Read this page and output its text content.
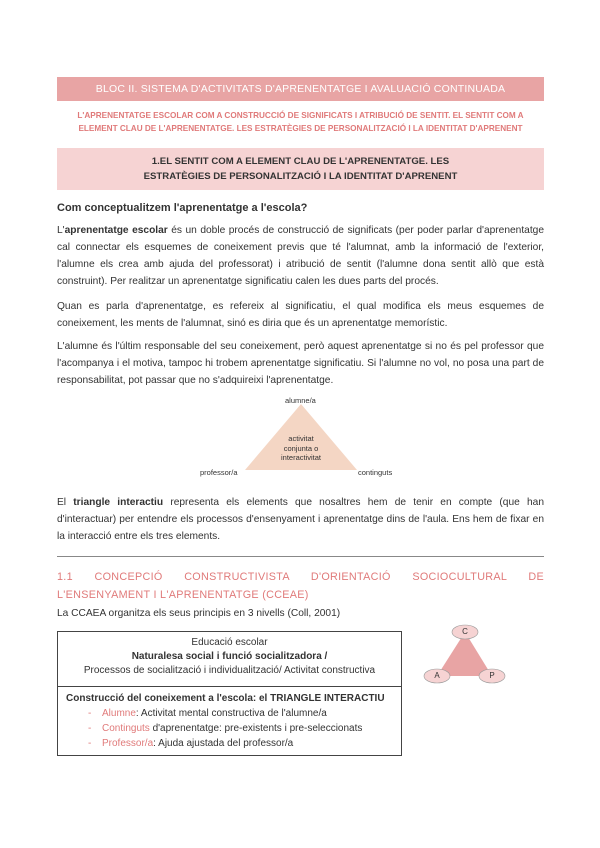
BLOC II. SISTEMA D'ACTIVITATS D'APRENENTATGE I AVALUACIÓ CONTINUADA
L'APRENENTATGE ESCOLAR COM A CONSTRUCCIÓ DE SIGNIFICATS I ATRIBUCIÓ DE SENTIT. EL SENTIT COM A
ELEMENT CLAU DE L'APRENENTATGE. LES ESTRATÈGIES DE PERSONALITZACIÓ I LA IDENTITAT D'APRENENT
1.EL SENTIT COM A ELEMENT CLAU DE L'APRENENTATGE. LES
ESTRATÈGIES DE PERSONALITZACIÓ I LA IDENTITAT D'APRENENT
Com conceptualitzem l'aprenentatge a l'escola?
L'aprenentatge escolar és un doble procés de construcció de significats (per poder parlar d'aprenentatge cal connectar els esquemes de coneixement previs que té l'alumnat, amb la informació de l'exterior, l'alumne els crea amb ajuda del professorat) i atribució de sentit (l'alumne dona sentit allò que està construint). Per realitzar un aprenentatge significatiu calen les dues parts del procés.
Quan es parla d'aprenentatge, es refereix al significatiu, el qual modifica els meus esquemes de coneixement, les ments de l'alumnat, sinó es diria que és un aprenentatge memorístic.
L'alumne és l'últim responsable del seu coneixement, però aquest aprenentatge si no és pel professor que l'acompanya i el motiva, tampoc hi trobem aprenentatge significatiu. Si l'alumne no vol, no posa una part de responsabilitat, pot passar que no s'adquireixi l'aprenentatge.
alumne/a
professor/a	continguts
activitat
conjunta o
interactivitat
El triangle interactiu representa els elements que nosaltres hem de tenir en compte (que han d'interactuar) per entendre els processos d'ensenyament i aprenentatge dins de l'aula. Ens hem de fixar en la interacció entre els tres elements.
1.1 CONCEPCIÓ CONSTRUCTIVISTA D'ORIENTACIÓ SOCIOCULTURAL DE L'ENSENYAMENT I L'APRENENTATGE (CCEAE)
La CCAEA organitza els seus principis en 3 nivells (Coll, 2001)
Educació escolar
Naturalesa social i funció socialitzadora /
Processos de socialització i individualització/ Activitat constructiva
Construcció del coneixement a l'escola: el TRIANGLE INTERACTIU
- Alumne: Activitat mental constructiva de l'alumne/a
- Continguts d'aprenentatge: pre-existents i pre-seleccionats
- Professor/a: Ajuda ajustada del professor/a
C
A	P
